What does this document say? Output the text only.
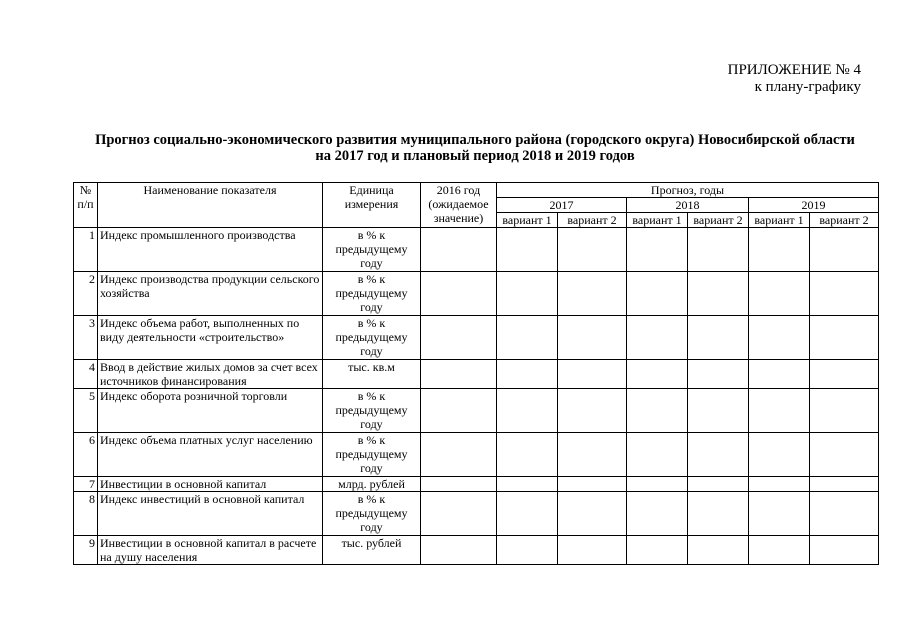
ПРИЛОЖЕНИЕ № 4
к плану-графику
Прогноз социально-экономического развития муниципального района (городского округа) Новосибирской области
на 2017 год и плановый период 2018 и 2019 годов
№ п/п	Наименование показателя	Единица измерения	2016 год (ожидаемое значение)	Прогноз, годы					
				2017		2018		2019	
				вариант 1	вариант 2	вариант 1	вариант 2	вариант 1	вариант 2
1	Индекс промышленного производства	в % к предыдущему году							
2	Индекс производства продукции сельского хозяйства	в % к предыдущему году							
3	Индекс объема работ, выполненных по виду деятельности «строительство»	в % к предыдущему году							
4	Ввод в действие жилых домов за счет всех источников финансирования	тыс. кв.м							
5	Индекс оборота розничной торговли	в % к предыдущему году							
6	Индекс объема платных услуг населению	в % к предыдущему году							
7	Инвестиции в основной капитал	млрд. рублей							
8	Индекс инвестиций в основной капитал	в % к предыдущему году							
9	Инвестиции в основной капитал в расчете на душу населения	тыс. рублей							
